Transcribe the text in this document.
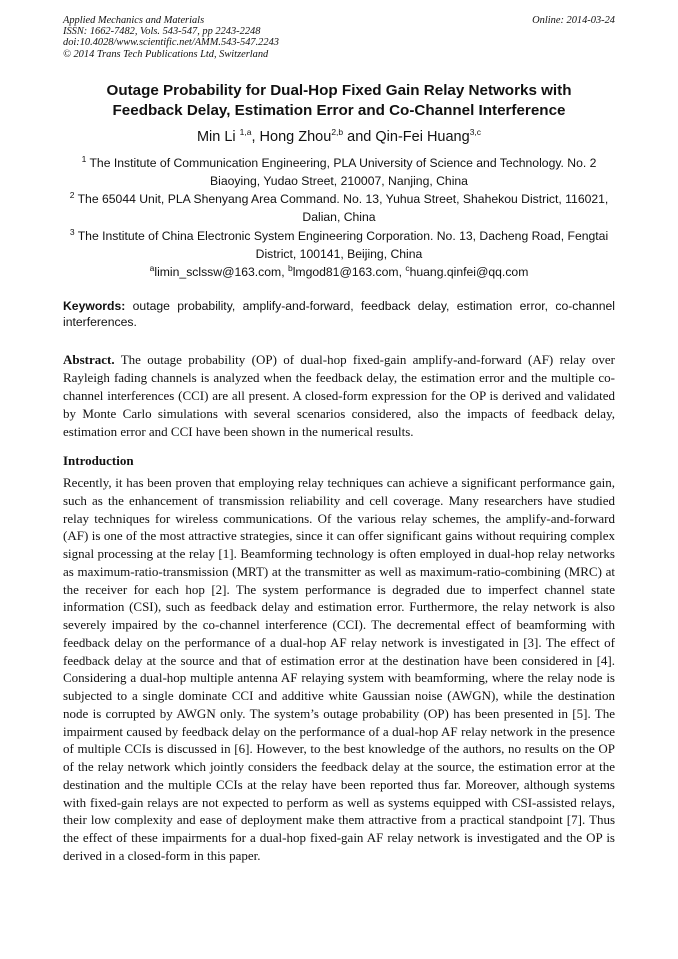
Applied Mechanics and Materials
ISSN: 1662-7482, Vols. 543-547, pp 2243-2248
doi:10.4028/www.scientific.net/AMM.543-547.2243
© 2014 Trans Tech Publications Ltd, Switzerland
Online: 2014-03-24
Outage Probability for Dual-Hop Fixed Gain Relay Networks with
Feedback Delay, Estimation Error and Co-Channel Interference
Min Li $^{1,a}$, Hong Zhou$^{2,b}$ and Qin-Fei Huang$^{3,c}$
$^1$ The Institute of Communication Engineering, PLA University of Science and Technology. No. 2 Biaoying, Yudao Street, 210007, Nanjing, China
$^2$ The 65044 Unit, PLA Shenyang Area Command. No. 13, Yuhua Street, Shahekou District, 116021, Dalian, China
$^3$ The Institute of China Electronic System Engineering Corporation. No. 13, Dacheng Road, Fengtai District, 100141, Beijing, China
$^a$limin_sclssw@163.com, $^b$lmgod81@163.com, $^c$huang.qinfei@qq.com
Keywords: outage probability, amplify-and-forward, feedback delay, estimation error, co-channel interferences.
Abstract. The outage probability (OP) of dual-hop fixed-gain amplify-and-forward (AF) relay over Rayleigh fading channels is analyzed when the feedback delay, the estimation error and the multiple co-channel interferences (CCI) are all present. A closed-form expression for the OP is derived and validated by Monte Carlo simulations with several scenarios considered, also the impacts of feedback delay, estimation error and CCI have been shown in the numerical results.
Introduction
Recently, it has been proven that employing relay techniques can achieve a significant performance gain, such as the enhancement of transmission reliability and cell coverage. Many researchers have studied relay techniques for wireless communications. Of the various relay schemes, the amplify-and-forward (AF) is one of the most attractive strategies, since it can offer significant gains without requiring complex signal processing at the relay [1]. Beamforming technology is often employed in dual-hop relay networks as maximum-ratio-transmission (MRT) at the transmitter as well as maximum-ratio-combining (MRC) at the receiver for each hop [2]. The system performance is degraded due to imperfect channel state information (CSI), such as feedback delay and estimation error. Furthermore, the relay network is also severely impaired by the co-channel interference (CCI). The decremental effect of beamforming with feedback delay on the performance of a dual-hop AF relay network is investigated in [3]. The effect of feedback delay at the source and that of estimation error at the destination have been considered in [4]. Considering a dual-hop multiple antenna AF relaying system with beamforming, where the relay node is subjected to a single dominate CCI and additive white Gaussian noise (AWGN), while the destination node is corrupted by AWGN only. The system’s outage probability (OP) has been presented in [5]. The impairment caused by feedback delay on the performance of a dual-hop AF relay network in the presence of multiple CCIs is discussed in [6]. However, to the best knowledge of the authors, no results on the OP of the relay network which jointly considers the feedback delay at the source, the estimation error at the destination and the multiple CCIs at the relay have been reported thus far. Moreover, although systems with fixed-gain relays are not expected to perform as well as systems equipped with CSI-assisted relays, their low complexity and ease of deployment make them attractive from a practical standpoint [7]. Thus the effect of these impairments for a dual-hop fixed-gain AF relay network is investigated and the OP is derived in a closed-form in this paper.
